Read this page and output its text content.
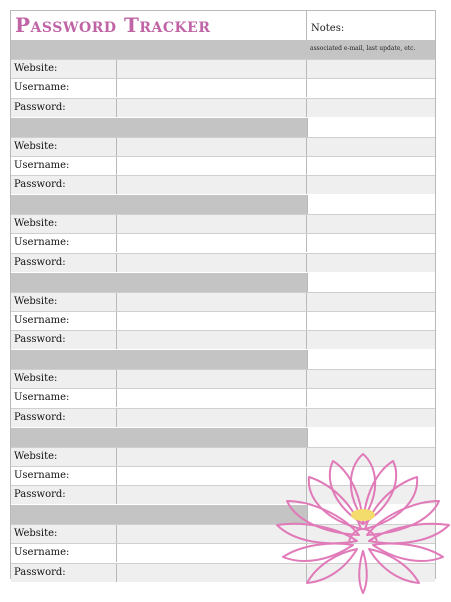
Password Tracker	Notes:
associated e-mail, last update, etc.
Website:
Username:
Password:
Website:
Username:
Password:
Website:
Username:
Password:
Website:
Username:
Password:
Website:
Username:
Password:
Website:
Username:
Password:
Website:
Username:
Password:
